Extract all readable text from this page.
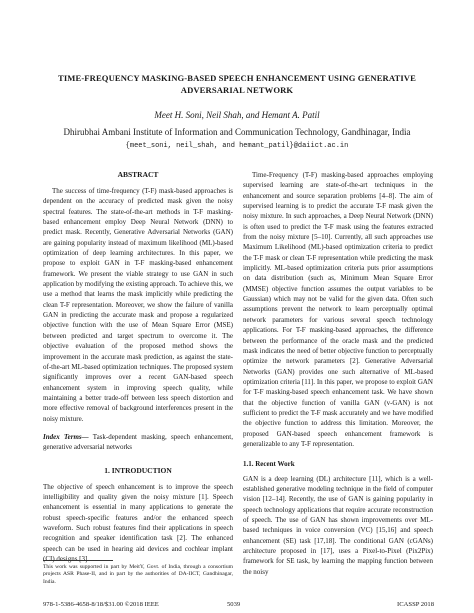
TIME-FREQUENCY MASKING-BASED SPEECH ENHANCEMENT USING GENERATIVE ADVERSARIAL NETWORK
Meet H. Soni, Neil Shah, and Hemant A. Patil
Dhirubhai Ambani Institute of Information and Communication Technology, Gandhinagar, India
{meet_soni, neil_shah, and hemant_patil}@daiict.ac.in
ABSTRACT

The success of time-frequency (T-F) mask-based approaches is dependent on the accuracy of predicted mask given the noisy spectral features. The state-of-the-art methods in T-F masking-based enhancement employ Deep Neural Network (DNN) to predict mask. Recently, Generative Adversarial Networks (GAN) are gaining popularity instead of maximum likelihood (ML)-based optimization of deep learning architectures. In this paper, we propose to exploit GAN in T-F masking-based enhancement framework. We present the viable strategy to use GAN in such application by modifying the existing approach. To achieve this, we use a method that learns the mask implicitly while predicting the clean T-F representation. Moreover, we show the failure of vanilla GAN in predicting the accurate mask and propose a regularized objective function with the use of Mean Square Error (MSE) between predicted and target spectrum to overcome it. The objective evaluation of the proposed method shows the improvement in the accurate mask prediction, as against the state-of-the-art ML-based optimization techniques. The proposed system significantly improves over a recent GAN-based speech enhancement system in improving speech quality, while maintaining a better trade-off between less speech distortion and more effective removal of background interferences present in the noisy mixture.

Index Terms— Task-dependent masking, speech enhancement, generative adversarial networks

1. INTRODUCTION

The objective of speech enhancement is to improve the speech intelligibility and quality given the noisy mixture [1]. Speech enhancement is essential in many applications to generate the robust speech-specific features and/or the enhanced speech waveform. Such robust features find their applications in speech recognition and speaker identification task [2]. The enhanced speech can be used in hearing aid devices and cochlear implant (CI) designs [3].

This work was supported in part by MeitY, Govt. of India, through a consortium projects ASR Phase-II, and in part by the authorities of DA-IICT, Gandhinagar, India.

Time-Frequency (T-F) masking-based approaches employing supervised learning are state-of-the-art techniques in the enhancement and source separation problems [4–8]. The aim of supervised learning is to predict the accurate T-F mask given the noisy mixture. In such approaches, a Deep Neural Network (DNN) is often used to predict the T-F mask using the features extracted from the noisy mixture [5–10]. Currently, all such approaches use Maximum Likelihood (ML)-based optimization criteria to predict the T-F mask or clean T-F representation while predicting the mask implicitly. ML-based optimization criteria puts prior assumptions on data distribution (such as, Minimum Mean Square Error (MMSE) objective function assumes the output variables to be Gaussian) which may not be valid for the given data. Often such assumptions prevent the network to learn perceptually optimal network parameters for various several speech technology applications. For T-F masking-based approaches, the difference between the performance of the oracle mask and the predicted mask indicates the need of better objective function to perceptually optimize the network parameters [2]. Generative Adversarial Networks (GAN) provides one such alternative of ML-based optimization criteria [11]. In this paper, we propose to exploit GAN for T-F masking-based speech enhancement task. We have shown that the objective function of vanilla GAN (v-GAN) is not sufficient to predict the T-F mask accurately and we have modified the objective function to address this limitation. Moreover, the proposed GAN-based speech enhancement framework is generalizable to any T-F representation.

1.1. Recent Work

GAN is a deep learning (DL) architecture [11], which is a well-established generative modeling technique in the field of computer vision [12–14]. Recently, the use of GAN is gaining popularity in speech technology applications that require accurate reconstruction of speech. The use of GAN has shown improvements over ML-based techniques in voice conversion (VC) [15,16] and speech enhancement (SE) task [17,18]. The conditional GAN (cGANs) architecture proposed in [17], uses a Pixel-to-Pixel (Pix2Pix) framework for SE task, by learning the mapping function between the noisy

978-1-5386-4658-8/18/$31.00 ©2018 IEEE	5039	ICASSP 2018
